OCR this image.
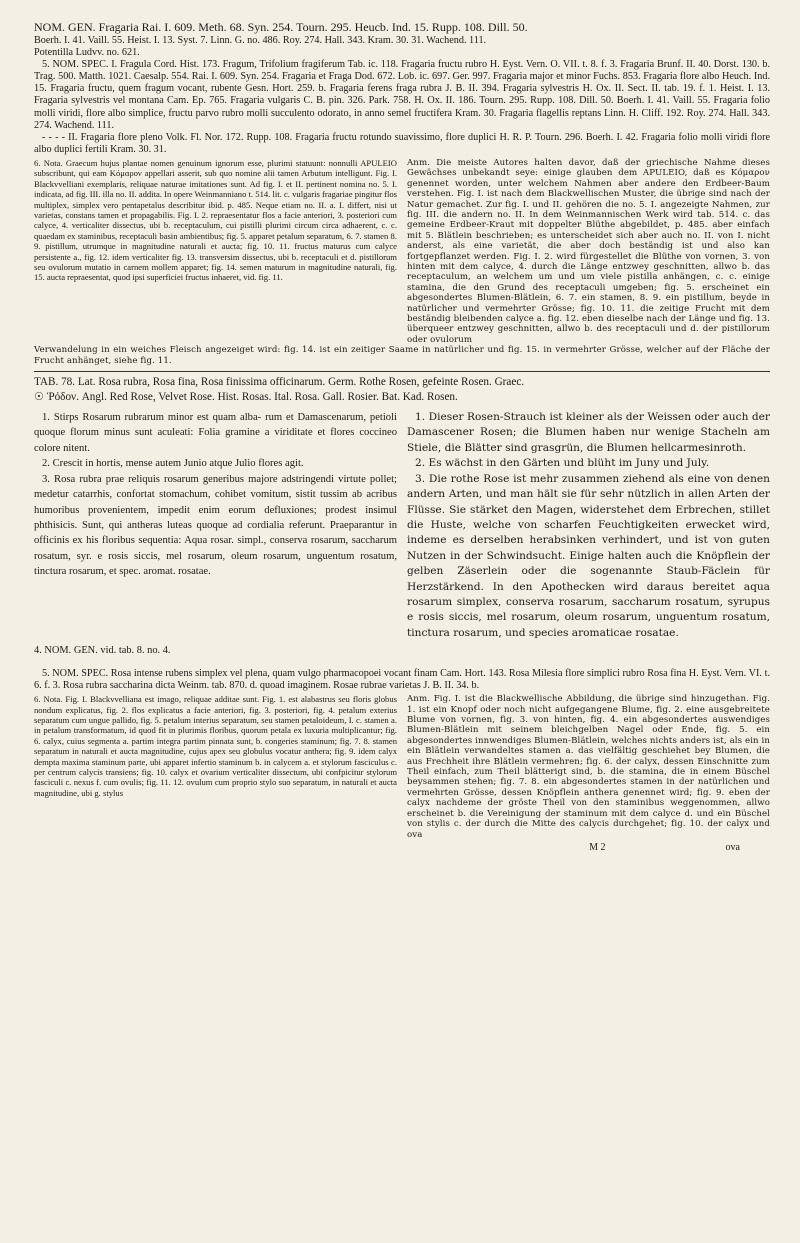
NOM. GEN. Fragaria Rai. I. 609. Meth. 68. Syn. 254. Tourn. 295. Heucb. Ind. 15. Rupp. 108. Dill. 50.

Boerh. I. 41. Vaill. 55. Heist. I. 13. Syst. 7. Linn. G. no. 486. Roy. 274. Hall. 343. Kram. 30. 31. Wachend. 111.

Potentilla Ludvv. no. 621.

5. NOM. SPEC. I. Fragula Cord. Hist. 173. Fragum, Trifolium fragiferum Tab. ic. 118. Fragaria fructu rubro H. Eyst. Vern. O. VII. t. 8. f. 3. Fragaria Brunf. II. 40. Dorst. 130. b. Trag. 500. Matth. 1021. Caesalp. 554. Rai. I. 609. Syn. 254. Fragaria et Fraga Dod. 672. Lob. ic. 697. Ger. 997. Fragaria major et minor Fuchs. 853. Fragaria flore albo Heuch. Ind. 15. Fragaria fructu, quem fragum vocant, rubente Gesn. Hort. 259. b. Fragaria ferens fraga rubra J. B. II. 394. Fragaria sylvestris H. Ox. II. Sect. II. tab. 19. f. 1. Heist. I. 13. Fragaria sylvestris vel montana Cam. Ep. 765. Fragaria vulgaris C. B. pin. 326. Park. 758. H. Ox. II. 186. Tourn. 295. Rupp. 108. Dill. 50. Boerh. I. 41. Vaill. 55. Fragaria folio molli viridi, flore albo simplice, fructu parvo rubro molli succulento odorato, in anno semel fructifera Kram. 30. Fragaria flagellis reptans Linn. H. Cliff. 192. Roy. 274. Hall. 343. 274. Wachend. 111.

- - - - II. Fragaria flore pleno Volk. Fl. Nor. 172. Rupp. 108. Fragaria fructu rotundo suavissimo, flore duplici H. R. P. Tourn. 296. Boerh. I. 42. Fragaria folio molli viridi flore albo duplici fertili Kram. 30. 31.

6. Nota. Graecum hujus plantae nomen genuinum ignorum esse, plurimi statuunt: nonnulli APULEIO subscribunt, qui eam Κόμαρον appellari asserit, sub quo nomine alii tamen Arbutum intelligunt. Fig. I. Blackvvelliani exemplaris, reliquae naturae imitationes sunt. Ad fig. I. et II. pertinent nomina no. 5. I. indicata, ad fig. III. illa no. II. addita. In opere Weinmanniano t. 514. lit. c. vulgaris fragariae pingitur flos multiplex, simplex vero pentapetalus describitur ibid. p. 485. Neque etiam no. II. a. I. differt, nisi ut varietas, constans tamen et propagabilis. Fig. I. 2. repraesentatur flos a facie anteriori, 3. posteriori cum calyce, 4. verticaliter dissectus, ubi b. receptaculum, cui pistilli plurimi circum circa adhaerent, c. c. quaedam ex staminibus, receptaculi basin ambientibus; fig. 5. apparet petalum separatum, 6. 7. stamen 8. 9. pistillum, utrumque in magnitudine naturali et aucta; fig. 10. 11. fructus maturus cum calyce persistente a., fig. 12. idem verticaliter fig. 13. transversim dissectus, ubi b. receptaculi et d. pistillorum seu ovulorum mutatio in carnem mollem apparet; fig. 14. semen maturum in magnitudine naturali, fig. 15. aucta repraesentat, quod ipsi superficiei fructus inhaeret, vid. fig. 11.
Anm. Die meiste Autores halten davor, daß der griechische Nahme dieses Gewächses unbekandt seye: einige glauben dem APULEIO, daß es Κόμαρον genennet worden, unter welchem Nahmen aber andere den Erdbeer-Baum verstehen. Fig. I. ist nach dem Blackwellischen Muster, die übrige sind nach der Natur gemachet. Zur fig. I. und II. gehören die no. 5. I. angezeigte Nahmen, zur fig. III. die andern no. II. In dem Weinmannischen Werk wird tab. 514. c. das gemeine Erdbeer-Kraut mit doppelter Blüthe abgebildet, p. 485. aber einfach mit 5. Blätlein beschrieben; es unterscheidet sich aber auch no. II. von I. nicht anderst, als eine varietät, die aber doch beständig ist und also kan fortgepflanzet werden. Fig. I. 2. wird fürgestellet die Blüthe von vornen, 3. von hinten mit dem calyce, 4. durch die Länge entzwey geschnitten, allwo b. das receptaculum, an welchem um und um viele pistilla anhängen, c. c. einige stamina, die den Grund des receptaculi umgeben; fig. 5. erscheinet ein abgesondertes Blumen-Blätlein, 6. 7. ein stamen, 8. 9. ein pistillum, beyde in natürlicher und vermehrter Grösse; fig. 10. 11. die zeitige Frucht mit dem beständig bleibenden calyce a. fig. 12. eben dieselbe nach der Länge und fig. 13. überqueer entzwey geschnitten, allwo b. des receptaculi und d. der pistillorum oder ovulorum

Verwandelung in ein weiches Fleisch angezeiget wird: fig. 14. ist ein zeitiger Saame in natürlicher und fig. 15. in vermehrter Grösse, welcher auf der Fläche der Frucht anhänget, siehe fig. 11.

TAB. 78. Lat. Rosa rubra, Rosa fina, Rosa finissima officinarum. Germ. Rothe Rosen, gefeinte Rosen. Graec.
☉ Ῥόδον. Angl. Red Rose, Velvet Rose. Hist. Rosas. Ital. Rosa. Gall. Rosier. Bat. Kad. Rosen.

1. Stirps Rosarum rubrarum minor est quam alba- rum et Damascenarum, petioli quoque florum minus sunt aculeati: Folia gramine a viriditate et flores coccineo colore nitent.

2. Crescit in hortis, mense autem Junio atque Julio flores agit.

3. Rosa rubra prae reliquis rosarum generibus majore adstringendi virtute pollet; medetur catarrhis, confortat stomachum, cohibet vomitum, sistit tussim ab acribus humoribus provenientem, impedit enim eorum defluxiones; prodest insimul phthisicis. Sunt, qui antheras luteas quoque ad cordialia referunt. Praeparantur in officinis ex his floribus sequentia: Aqua rosar. simpl., conserva rosarum, saccharum rosatum, syr. e rosis siccis, mel rosarum, oleum rosarum, unguentum rosatum, tinctura rosarum, et spec. aromat. rosatae.

1. Dieser Rosen-Strauch ist kleiner als der Weissen oder auch der Damascener Rosen; die Blumen haben nur wenige Stacheln am Stiele, die Blätter sind grasgrün, die Blumen hellcarmesinroth.

2. Es wächst in den Gärten und blüht im Juny und July.

3. Die rothe Rose ist mehr zusammen ziehend als eine von denen andern Arten, und man hält sie für sehr nützlich in allen Arten der Flüsse. Sie stärket den Magen, widerstehet dem Erbrechen, stillet die Huste, welche von scharfen Feuchtigkeiten erwecket wird, indeme es derselben herabsinken verhindert, und ist von guten Nutzen in der Schwindsucht. Einige halten auch die Knöpflein der gelben Zäserlein oder die sogenannte Staub-Fäclein für Herzstärkend. In den Apothecken wird daraus bereitet aqua rosarum simplex, conserva rosarum, saccharum rosatum, syrupus e rosis siccis, mel rosarum, oleum rosarum, unguentum rosatum, tinctura rosarum, und species aromaticae rosatae.

4. NOM. GEN. vid. tab. 8. no. 4.

5. NOM. SPEC. Rosa intense rubens simplex vel plena, quam vulgo pharmacopoei vocant finam Cam. Hort. 143. Rosa Milesia flore simplici rubro Rosa fina H. Eyst. Vern. VI. t. 6. f. 3. Rosa rubra saccharina dicta Weinm. tab. 870. d. quoad imaginem. Rosae rubrae varietas J. B. II. 34. b.

6. Nota. Fig. I. Blackvvelliana est imago, reliquae additae sunt. Fig. 1. est alabastrus seu floris globus nondum explicatus, fig. 2. flos explicatus a facie anteriori, fig. 3. posteriori, fig. 4. petalum exterius separatum cum ungue pallido, fig. 5. petalum interius separatum, seu stamen petaloideum, I. c. stamen a. in petalum transformatum, id quod fit in plurimis floribus, quorum petala ex luxuria multiplicantur; fig. 6. calyx, cuius segmenta a. partim integra partim pinnata sunt, b. congeries staminum; fig. 7. 8. stamen separatum in naturali et aucta magnitudine, cujus apex seu globulus vocatur anthera; fig. 9. idem calyx dempta maxima staminum parte, ubi apparet infertio staminum b. in calycem a. et stylorum fasciculus c. per centrum calycis transiens; fig. 10. calyx et ovarium verticaliter dissectum, ubi confpicitur stylorum fasciculi c. nexus f. cum ovulis; fig. 11. 12. ovulum cum proprio stylo suo separatum, in naturali et aucta magnitudine, ubi g. stylus
Anm. Fig. I. ist die Blackwellische Abbildung, die übrige sind hinzugethan. Fig. 1. ist ein Knopf oder noch nicht aufgegangene Blume, fig. 2. eine ausgebreitete Blume von vornen, fig. 3. von hinten, fig. 4. ein abgesondertes auswendiges Blumen-Blätlein mit seinem bleichgelben Nagel oder Ende, fig. 5. ein abgesondertes innwendiges Blumen-Blätlein, welches nichts anders ist, als ein in ein Blätlein verwandeltes stamen a. das vielfältig geschiehet bey Blumen, die aus Frechheit ihre Blätlein vermehren; fig. 6. der calyx, dessen Einschnitte zum Theil einfach, zum Theil blätterigt sind, b. die stamina, die in einem Büschel beysammen stehen; fig. 7. 8. ein abgesondertes stamen in der natürlichen und vermehrten Grösse, dessen Knöpflein anthera genennet wird; fig. 9. eben der calyx nachdeme der gröste Theil von den staminibus weggenommen, allwo erscheinet b. die Vereinigung der staminum mit dem calyce d. und ein Büschel von stylis c. der durch die Mitte des calycis durchgehet; fig. 10. der calyx und ova
M 2	ova
